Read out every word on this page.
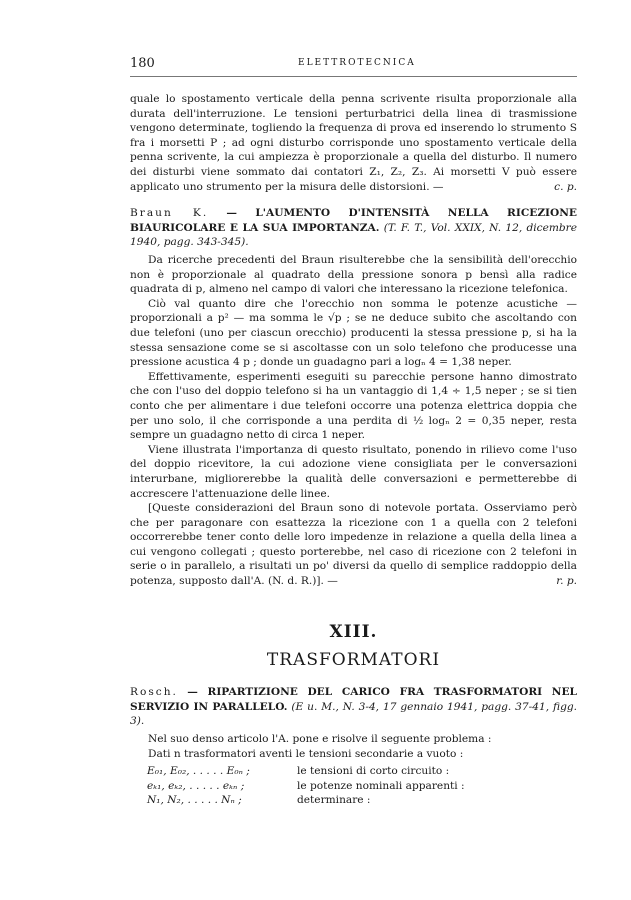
180	ELETTROTECNICA

quale lo spostamento verticale della penna scrivente risulta proporzionale alla durata dell'interruzione. Le tensioni perturbatrici della linea di trasmissione vengono determinate, togliendo la frequenza di prova ed inserendo lo strumento S fra i morsetti P ; ad ogni disturbo corrisponde uno spostamento verticale della penna scrivente, la cui ampiezza è proporzionale a quella del disturbo. Il numero dei disturbi viene sommato dai contatori Z₁, Z₂, Z₃. Ai morsetti V può essere applicato uno strumento per la misura delle distorsioni. —	c. p.

Braun K. — L'AUMENTO D'INTENSITÀ NELLA RICEZIONE BIAURICOLARE E LA SUA IMPORTANZA. (T. F. T., Vol. XXIX, N. 12, dicembre 1940, pagg. 343-345).

Da ricerche precedenti del Braun risulterebbe che la sensibilità dell'orecchio non è proporzionale al quadrato della pressione sonora p bensì alla radice quadrata di p, almeno nel campo di valori che interessano la ricezione telefonica.

Ciò val quanto dire che l'orecchio non somma le potenze acustiche — proporzionali a p² — ma somma le √p ; se ne deduce subito che ascoltando con due telefoni (uno per ciascun orecchio) producenti la stessa pressione p, si ha la stessa sensazione come se si ascoltasse con un solo telefono che producesse una pressione acustica 4 p ; donde un guadagno pari a logₙ 4 = 1,38 neper.

Effettivamente, esperimenti eseguiti su parecchie persone hanno dimostrato che con l'uso del doppio telefono si ha un vantaggio di 1,4 ÷ 1,5 neper ; se si tien conto che per alimentare i due telefoni occorre una potenza elettrica doppia che per uno solo, il che corrisponde a una perdita di ½ logₙ 2 = 0,35 neper, resta sempre un guadagno netto di circa 1 neper.

Viene illustrata l'importanza di questo risultato, ponendo in rilievo come l'uso del doppio ricevitore, la cui adozione viene consigliata per le conversazioni interurbane, migliorerebbe la qualità delle conversazioni e permetterebbe di accrescere l'attenuazione delle linee.

[Queste considerazioni del Braun sono di notevole portata. Osserviamo però che per paragonare con esattezza la ricezione con 1 a quella con 2 telefoni occorrerebbe tener conto delle loro impedenze in relazione a quella della linea a cui vengono collegati ; questo porterebbe, nel caso di ricezione con 2 telefoni in serie o in parallelo, a risultati un po' diversi da quello di semplice raddoppio della potenza, supposto dall'A. (N. d. R.)]. —	r. p.

XIII.
TRASFORMATORI

Rosch. — RIPARTIZIONE DEL CARICO FRA TRASFORMATORI NEL SERVIZIO IN PARALLELO. (E u. M., N. 3-4, 17 gennaio 1941, pagg. 37-41, figg. 3).

Nel suo denso articolo l'A. pone e risolve il seguente problema :

Dati n trasformatori aventi le tensioni secondarie a vuoto :

E₀₁, E₀₂, . . . . . E₀ₙ ;	le tensioni di corto circuito :
eₖ₁, eₖ₂, . . . . . eₖₙ ;	le potenze nominali apparenti :
N₁, N₂, . . . . . Nₙ ;	determinare :
